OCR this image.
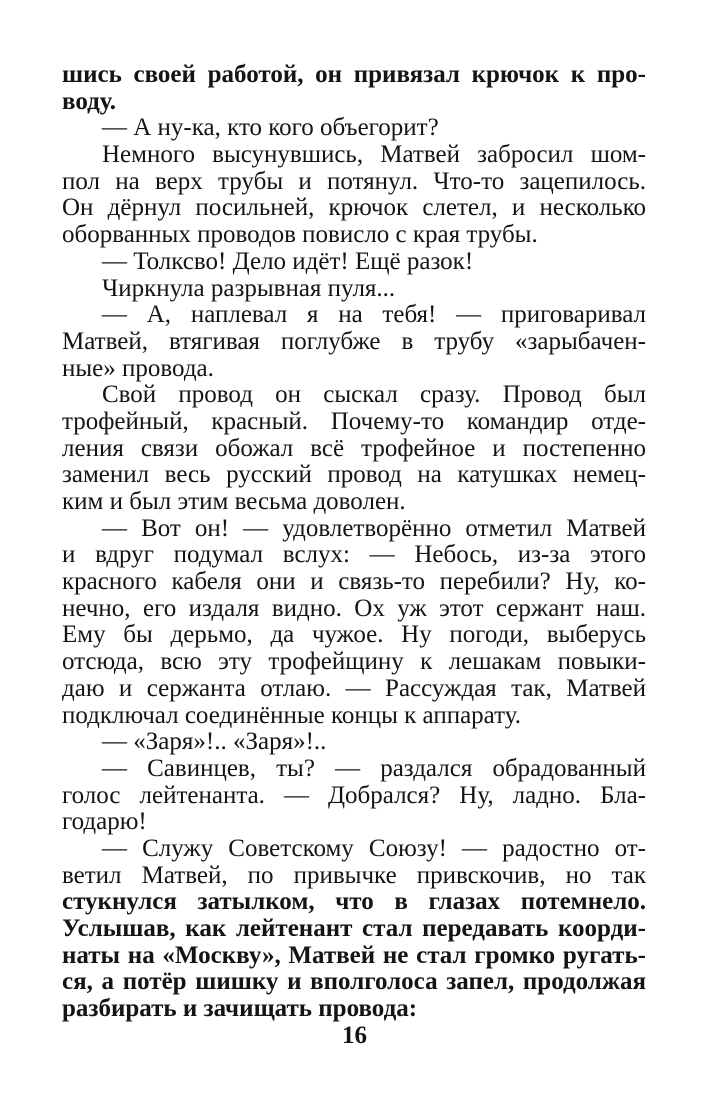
шись своей работой, он привязал крючок к про-
воду.
— А ну-ка, кто кого объегорит?
Немного высунувшись, Матвей забросил шом-
пол на верх трубы и потянул. Что-то зацепилось.
Он дёрнул посильней, крючок слетел, и несколько
оборванных проводов повисло с края трубы.
— Толксво! Дело идёт! Ещё разок!
Чиркнула разрывная пуля...
— А, наплевал я на тебя! — приговаривал
Матвей, втягивая поглубже в трубу «зарыбачен-
ные» провода.
Свой провод он сыскал сразу. Провод был
трофейный, красный. Почему-то командир отде-
ления связи обожал всё трофейное и постепенно
заменил весь русский провод на катушках немец-
ким и был этим весьма доволен.
— Вот он! — удовлетворённо отметил Матвей
и вдруг подумал вслух: — Небось, из-за этого
красного кабеля они и связь-то перебили? Ну, ко-
нечно, его издаля видно. Ох уж этот сержант наш.
Ему бы дерьмо, да чужое. Ну погоди, выберусь
отсюда, всю эту трофейщину к лешакам повыки-
даю и сержанта отлаю. — Рассуждая так, Матвей
подключал соединённые концы к аппарату.
— «Заря»!.. «Заря»!..
— Савинцев, ты? — раздался обрадованный
голос лейтенанта. — Добрался? Ну, ладно. Бла-
годарю!
— Служу Советскому Союзу! — радостно от-
ветил Матвей, по привычке привскочив, но так
стукнулся затылком, что в глазах потемнело.
Услышав, как лейтенант стал передавать коорди-
наты на «Москву», Матвей не стал громко ругать-
ся, а потёр шишку и вполголоса запел, продолжая
разбирать и зачищать провода:
16
